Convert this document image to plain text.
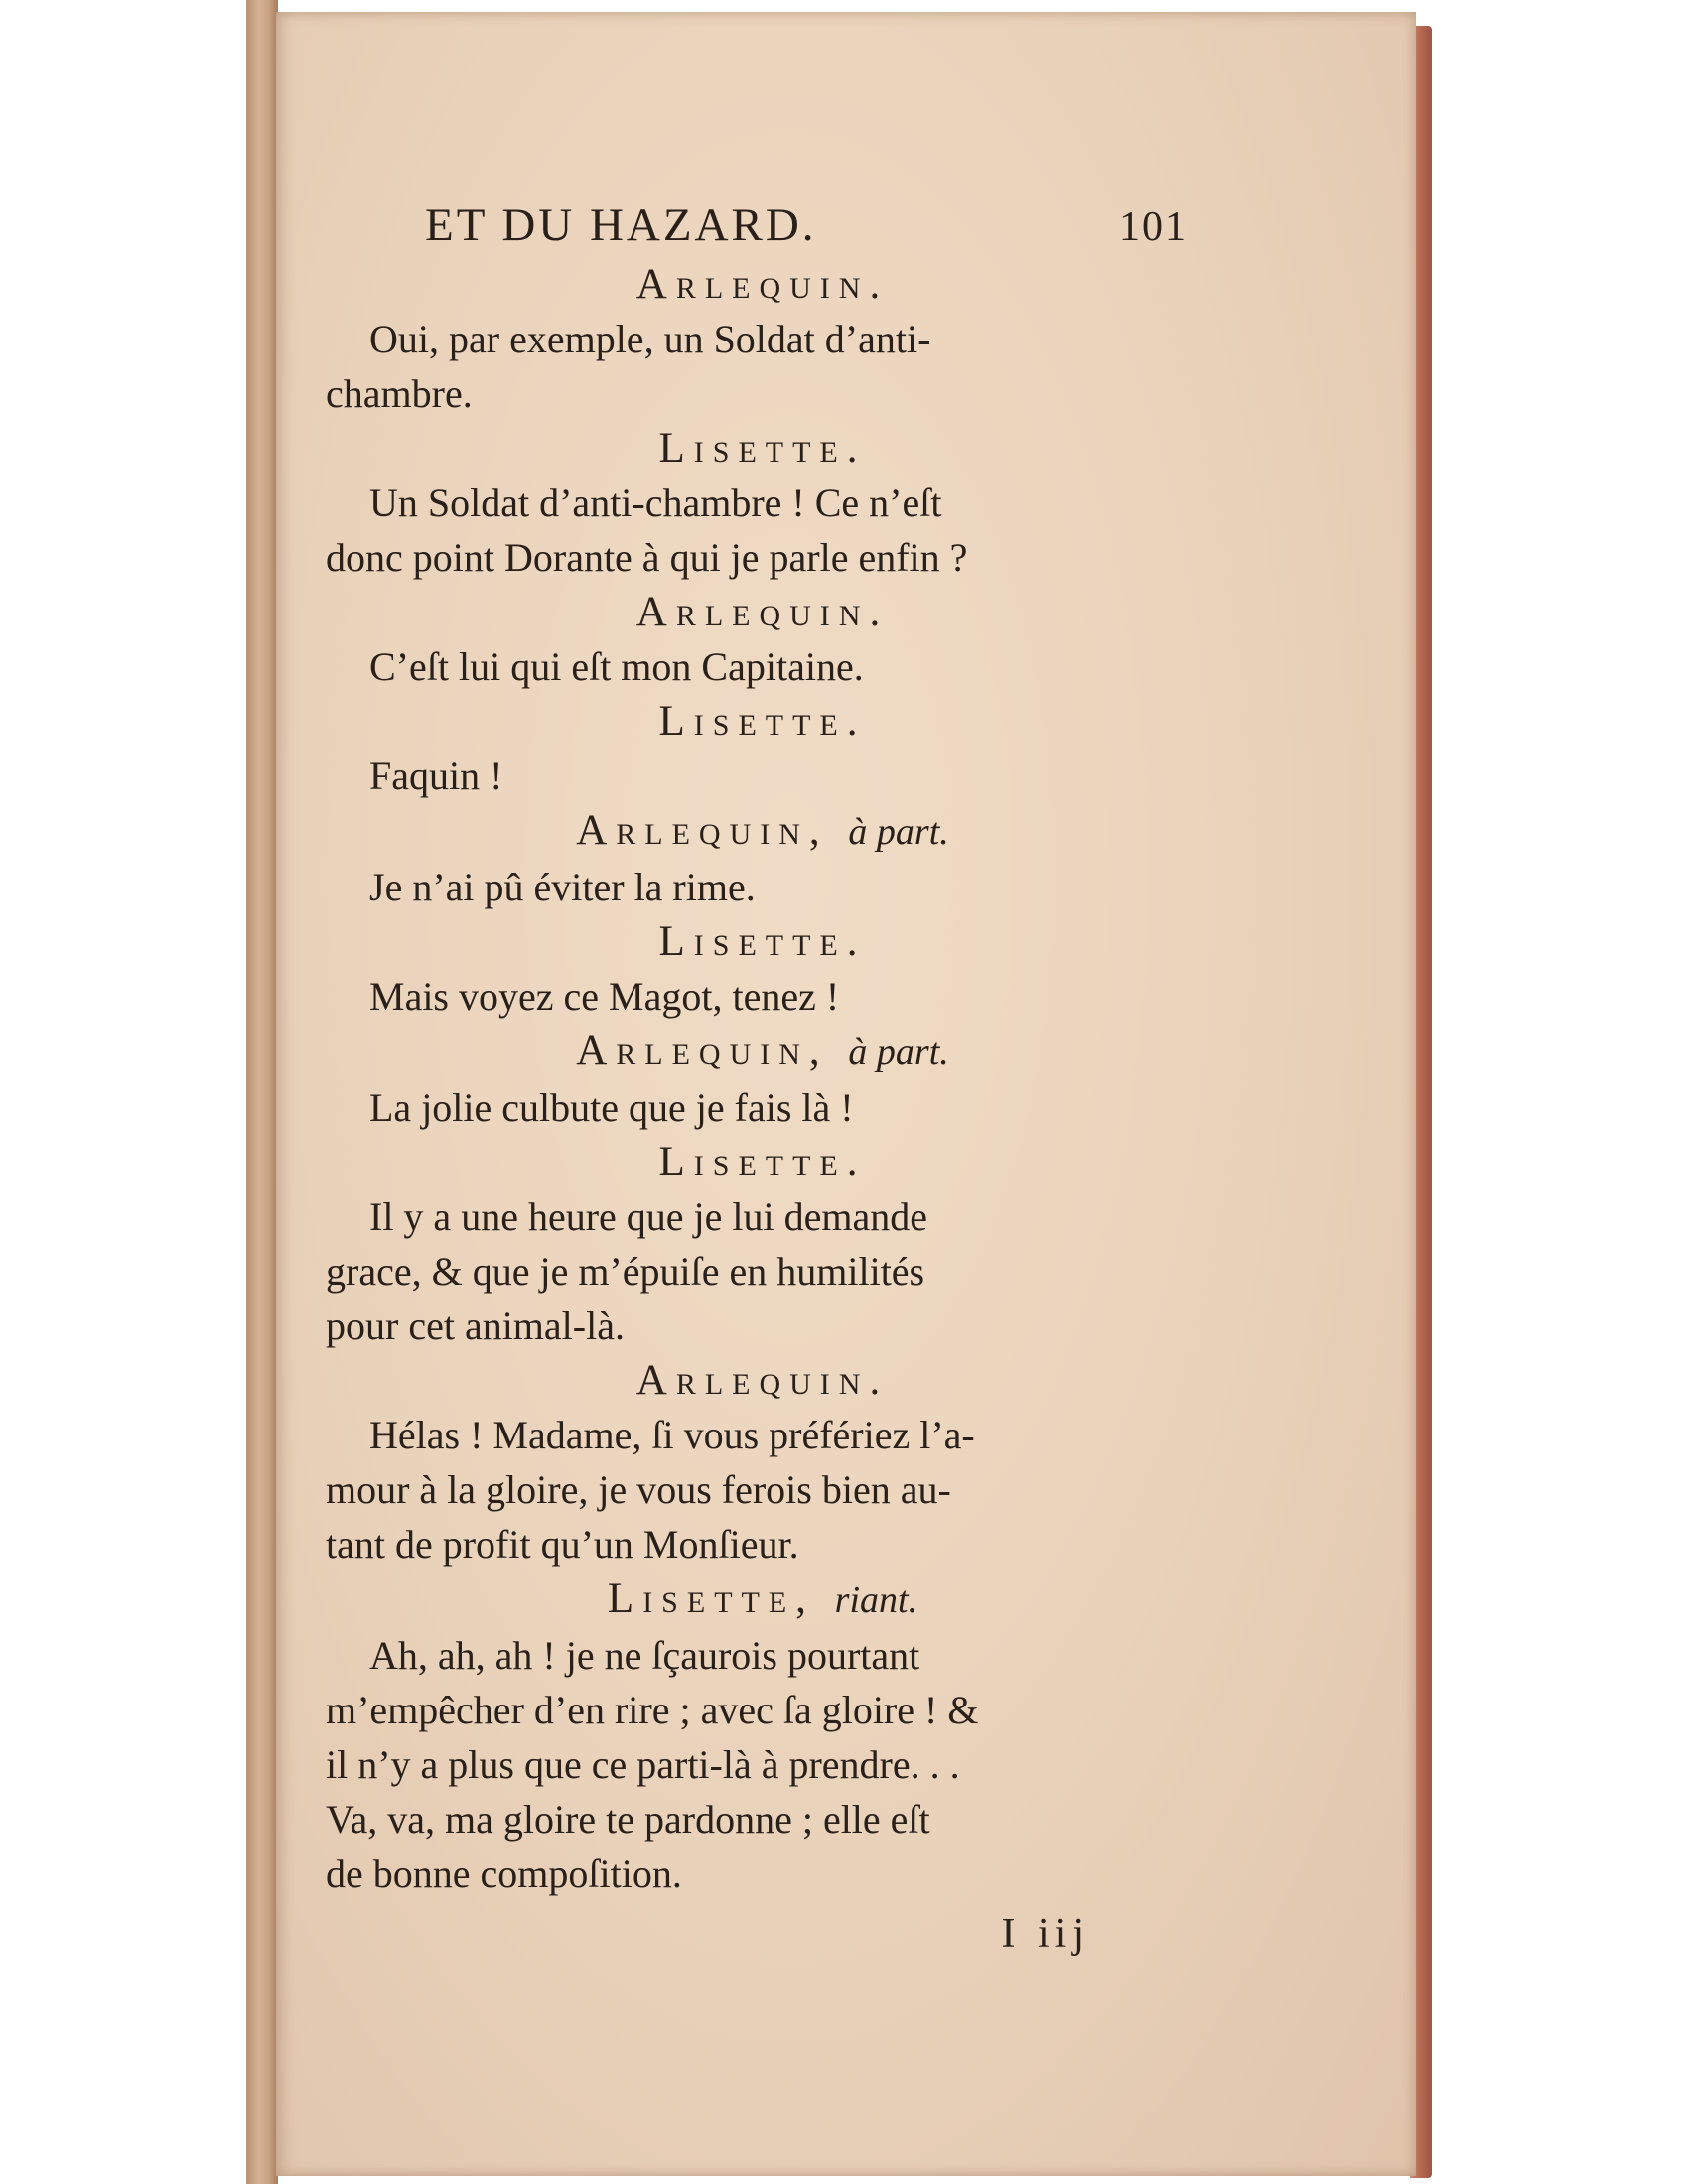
ET DU HAZARD.	101
Arlequin.
Oui, par exemple, un Soldat d’anti-
chambre.
Lisette.
Un Soldat d’anti-chambre ! Ce n’eſt
donc point Dorante à qui je parle enfin ?
Arlequin.
C’eſt lui qui eſt mon Capitaine.
Lisette.
Faquin !
Arlequin, à part.
Je n’ai pû éviter la rime.
Lisette.
Mais voyez ce Magot, tenez !
Arlequin, à part.
La jolie culbute que je fais là !
Lisette.
Il y a une heure que je lui demande
grace, & que je m’épuiſe en humilités
pour cet animal-là.
Arlequin.
Hélas ! Madame, ſi vous préfériez l’a-
mour à la gloire, je vous ferois bien au-
tant de profit qu’un Monſieur.
Lisette, riant.
Ah, ah, ah ! je ne ſçaurois pourtant
m’empêcher d’en rire ; avec ſa gloire ! &
il n’y a plus que ce parti-là à prendre. . .
Va, va, ma gloire te pardonne ; elle eſt
de bonne compoſition.
I iij
